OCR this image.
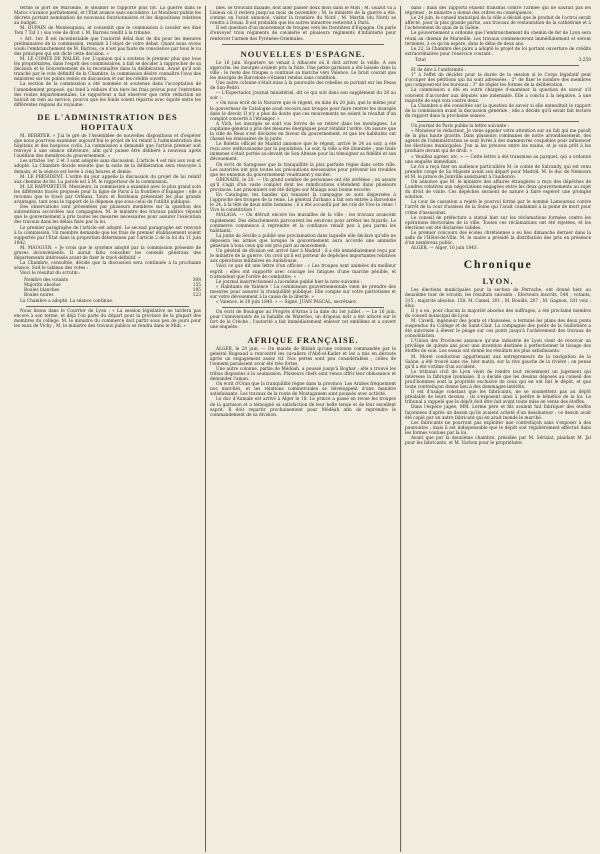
ferme le port de Marseille, le steamer le rapporte plus tôt. La guerre dans le Maroc s'avance parfaitement, et l'Etat avance sans encombre. Le Moniteur publie les décrets portant nomination de nouveaux fonctionnaires et les dispositions relatives au budget.

M. DUPAIN de Montesquiou, et consentit que le commission à cavaler ses dixé Tom 7 Taf 1 ( sus vole de droit ). M. Barrois rendit à la tribune.

« Art. 1er. Il est incontestable que l'autorité délai faut de dix pour les mesures préliminaires de la commission, rendant à l'objet de votre débat. Quant nous avons voulu l'embranchement de M. Barrois, ce n'est pas faute de conscience par tous le vu des principes qui ont dicté cette décision. »

M. LE COMTE DE WALSH. 1er. L'opinion qui a soutenu le premier plus que tous lés propriétaires, dans l'esprit des commissaires, a fait se décider à rapprocher de sa décision et le Gouvernement de la reconnaître dans la délibération. Avant qu'il soit tranché par le vote définitif de la Chambre, la commission désire connaître l'avis des ministres sur les points restés en discussion et sur les crédits ouverts.

La section de la commission a été nommée et soutenue dans l'acceptation de l'amendement proposé, qui tend à réduire d'un tiers les frais prévus pour l'entretien des routes départementales. Le rapporteur a fait observer que cette réduction ne nuirait en rien au service, pourvu que les fonds soient répartis avec équité entre les différentes régions du royaume.

DE L'ADMINISTRATION DES HOPITAUX

M. BERRYER. « J'ai le gré de l'Assemblée de nouvelles dispositions et d'espérer que nous pourrons examiner aujourd'hui le projet de loi relatif à l'administration des hôpitaux et des hospices civils. La commission a demandé que l'article premier soit renvoyé à une séance ultérieure, afin qu'il puisse être délibéré à nouveau après l'audition des membres du gouvernement. »

Les articles 1er, 2 et 3 sont adoptés sans discussion. L'article 4 est mis aux voix et adopté. La Chambre décide ensuite que la suite de la délibération sera renvoyée à demain, et la séance est levée à cinq heures et demie.

M. LE PRÉSIDENT. L'ordre du jour appelle la discussion du projet de loi relatif aux chemins de fer. La parole est à M. le rapporteur de la commission.

M. LE RAPPORTEUR. Messieurs, la commission a examiné avec le plus grand soin les différents tracés proposés pour la ligne de Paris à la frontière d'Espagne ; elle a reconnu que le tracé par Orléans, Tours et Bordeaux présentait les plus grands avantages, tant sous le rapport de la dépense que sous celui de l'utilité publique.

Des observations sont présentées par plusieurs membres sur la question des subventions accordées aux compagnies. M. le ministre des travaux publics répond que le gouvernement a pris toutes les mesures nécessaires pour assurer l'exécution des travaux dans les délais fixés par la loi.

Le premier paragraphe de l'article est adopté. Le second paragraphe est renvoyé à la commission. Un membre demande que les frais de premier établissement soient supportés par l'Etat dans la proportion déterminée par l'article 2 de la loi du 11 juin 1842.

M. MAUGUIN. « Je crois que le système adopté par la commission présente de graves inconvénients. Il aurait fallu consulter les conseils généraux des départements intéressés avant de fixer le tracé définitif. »

La Chambre, consultée, décide que la discussion sera continuée à la prochaine séance. Suit le tableau des votes :

Voici le résultat du scrutin :

Nombre des votants	308
Majorité absolue	155
Boules blanches	185
Boules noires	123

La Chambre a adopté. La séance continue.

Nous lisons dans le Courrier de Lyon : « La session législative ne tardera pas encore à son terme, et déjà l'on parle du départ pour la province de la plupart des membres du collège. M. le ministre du commerce doit partir sous peu de jours pour les eaux de Vichy ; M. le ministre des travaux publics se rendra dans le Midi. »

bles, se trouvant malade, doit aller passer deux mois dans le Midi ; M. Guizot va à Lisieux où il restera jusqu'au mois de novembre ; M. le ministre de la guerre a été, comme on l'avait annoncé, visiter la frontière du Nord ; M. Martin (du Nord) se rendra à Douai. Il est probable que les autres ministres resteront à Paris.

Il est question d'un mouvement de troupes vers les frontières d'Espagne. On parle d'envoyer trois régiments de cavalerie et plusieurs régiments d'infanterie pour renforcer l'armée des Pyrénées-Orientales.

NOUVELLES D'ESPAGNE.

Le 16 juin. Espartero ne venait à Albacete où il doit arriver la veille. A son approche, les insurgés avaient pris la fuite. Une petite garnison a été laissée dans la ville ; le reste des troupes a continué sa marche vers Valence. Le bruit courait que les insurgés de Barcelone s'étaient rendus sans condition.

Une autre colonne s'était mise à la poursuite des rebelles se portant sur les Pesas de San-Pedro.

— L'Espectador, journal ministériel, dit ce qui suit dans son supplément du 28 au soir :

« On nous écrit de la Navarre que le régent, en date du 20 juin, que le même jour le gouverneur de Catalogne avait recours aux troupes pour faire rentrer les insurgés dans le devoir. Il n'y a plus de doute que ces mouvements ne soient le résultat d'un complot concerté à l'étranger. »

A Vich, les insurgés se sont vus forcés de se retirer dans les montagnes. Le capitaine-général a pris des mesures énergiques pour rétablir l'ordre. On assure que la ville de Reus s'est déclarée en faveur du gouvernement, et que les habitants ont chassé les émissaires de la junte.

Le Boletin officiel de Madrid annonce que le régent, arrivé le 24 au soir, a été reçu avec enthousiasme par la population. Le soir, la ville a été illuminée ; une foule immense s'était portée au-devant de Son Altesse pour lui témoigner sa fidélité et son dévouement.

On écrit de Saragosse que la tranquillité la plus parfaite règne dans cette ville. Les autorités ont pris toutes les précautions nécessaires pour prévenir les troubles que les ennemis du gouvernement voudraient y exciter.

GRENADE, le 20. — Un grand nombre de personnes ont été arrêtées ; on assure qu'il s'agit d'un vaste complot dont les ramifications s'étendent dans plusieurs provinces. Les prisonniers ont été dirigés sur Malaga sous bonne escorte.

En Catalogne, les bandes qui tenaient la campagne se sont dispersées à l'approche des troupes de la reine. Le général Zurbano a fait son entrée à Barcelone le 24, à la tête de deux mille hommes ; il a été accueilli par les cris de Vive la reine ! Vive la constitution !

MALAGA. — On détruit encore les murailles de la ville ; les travaux avancent rapidement. Des détachements parcourent les environs pour arrêter les fuyards. Le commerce commence à reprendre et la confiance renaît peu à peu parmi les habitants.

La junte de Séville a publié une proclamation dans laquelle elle déclare qu'elle ne déposera les armes que lorsque le gouvernement aura accordé une amnistie générale à tous ceux qui ont pris part au mouvement.

Un général de division est arrivé hier à Madrid ; il a été immédiatement reçu par le ministre de la guerre. On croit qu'il est porteur de dépêches importantes relatives aux opérations militaires en Andalousie.

Voici ce que dit une lettre d'un officier : « Les troupes sont animées du meilleur esprit ; elles ont supporté avec courage les fatigues d'une marche pénible, et n'attendent que l'ordre de combattre. »

Le journal insurrectionnel a lui-même publié hier la note suivante :

« Habitants de Valence ! La commission gouvernementale vient de prendre des mesures pour assurer la tranquillité publique. Elle compte sur votre patriotisme et sur votre dévouement à la cause de la liberté. »

« Valence, le 20 juin 1843. » — Signé, JUAN PASCAL, secrétaire.

On écrit de Boulogne au Progrès d'Arras à la date du 1er juillet : — Le 16 juin, pour l'anniversaire de la bataille de Waterloo, un drapeau noir a été arboré sur le fort de la Crèche ; l'autorité a fait immédiatement enlever cet emblème et a ouvert une enquête.

AFRIQUE FRANÇAISE.

ALGER, le 20 juin. — On mande de Blidah qu'une colonne commandée par le général Bugeaud a rencontré les cavaliers d'Abd-el-Kader et les a mis en déroute après un engagement assez vif. Nos pertes sont peu considérables ; celles de l'ennemi paraissent avoir été très fortes.

Une autre colonne, partie de Médéah, a poussé jusqu'à Boghar ; elle a trouvé les tribus disposées à la soumission. Plusieurs chefs sont venus offrir leur obéissance et demander l'aman.

On écrit d'Oran que la tranquillité règne dans la province. Les Arabes fréquentent nos marchés, et les relations commerciales se développent d'une manière satisfaisante. Les travaux de la route de Mostaganem sont poussés avec activité.

Le duc d'Aumale est arrivé à Alger le 18. Le prince a passé en revue les troupes de la garnison et a témoigné sa satisfaction de leur belle tenue et de leur excellent esprit. Il doit repartir prochainement pour Médéah afin de reprendre le commandement de sa division.

dans ; mais des rapports etaient transmis contre l'armée qui ne saurait pas les réprimer ; le ministre a donné des ordres en conséquence.

Le 24 juin, le conseil municipal de la ville a décidé que le produit de l'octroi serait affecté, pour la plus grande partie, aux travaux de restauration de la cathédrale et à l'achèvement du quai de la Saône.

Le gouvernement a ordonné que l'embranchement du chemin de fer de Lyon sera réuni au chemin de Marseille. Les travaux commenceront immédiatement et seront terminés, à ce qu'on espère, dans le délai de deux ans.

Le 22, la Chambre des pairs a adopté le projet de loi portant ouverture de crédits extraordinaires pour l'exercice courant :

Total	3,259

Et de dire à l'uniformité :

1° à l'effet de décider pour la durée de la session si le Corps législatif peut s'occuper des pétitions qui lui sont adressées ; 2° de fixer le nombre des membres qui composeront les bureaux ; 3° de régler les formes de la délibération.

La commission a été en outre chargée d'examiner la question de savoir s'il convient d'accorder aux députés une indemnité. Elle a conclu à la négative, à une majorité de sept voix contre deux.

La Chambre a été consultée sur la question de savoir si elle entendrait le rapport de la commission avant la discussion générale ; elle a décidé qu'il serait fait lecture du rapport dans la prochaine séance.

Un journal de Paris publie la lettre suivante :

« Monsieur le rédacteur, Je viens appeler votre attention sur un fait qui me paraît de la plus haute gravité. Dans plusieurs communes de notre arrondissement, des agents de l'administration se sont livrés à des manœuvres coupables pour influencer les élections municipales. J'en ai les preuves entre les mains, et je suis prêt à les produire devant qui de droit. »

« Veuillez agréer, etc. » — Cette lettre a été transmise au parquet, qui a ordonné une enquête immédiate.

Le roi a reçu hier en audience particulière M. le comte de Salvandy, qui est venu prendre congé de Sa Majesté avant son départ pour Madrid. M. le duc de Nemours et M. le prince de Joinville assistaient à l'audience.

On annonce que M. le ministre des affaires étrangères a reçu des dépêches de Londres relatives aux négociations engagées entre les deux gouvernements au sujet du droit de visite. Ces dépêches seraient de nature à faire espérer une prompte solution.

La cour de cassation a rejeté le pourvoi formé par le nommé Lamoureux contre l'arrêt de la cour d'assises de la Seine qui l'avait condamné à la peine de mort pour crime d'assassinat.

Le conseil de préfecture a statué hier sur les réclamations formées contre les opérations électorales de la ville. Toutes ces réclamations ont été rejetées, et les élections ont été déclarées valides.

Le premier concours des écoles chrétiennes a eu lieu dimanche dernier dans la salle de l'Hôtel-de-Ville. M. le maire a présidé la distribution des prix en présence d'un nombreux public.

ALGER. — Alger, 16 juin 1843.

Chronique
LYON.

Les élections municipales pour la section de Perrache, ont donné hier, au deuxième tour de scrutin, les résultats suivants : Electeurs inscrits, 548 ; votants, 315 ; majorité absolue, 158. M. Camel, 201 ; M. Bouillé, 207 ; M. Gagnon, 181 voix ; élus.

Il y a eu, pour chacun la majorité absolue des suffrages, a été proclamé membre du conseil municipal de Lyon.

M. Cavelli, ingénieur des ponts et chaussées, a terminé les plans des deux ponts suspendus du Collège et de Saint-Clair. La compagnie des ponts de la Guillotière a été autorisée à élever le péage sur ces ponts jusqu'à l'achèvement des travaux de consolidation.

L'Union des Provinces annonce qu'une industrie de Lyon vient de recevoir un privilège de quinze ans pour une invention destinée à perfectionner le tissage des étoffes de soie. Les essais ont donné les résultats les plus satisfaisants.

M. Morel conducteur appartenant aux entrepreneurs de la navigation de la Saône, a été trouvé sans vie, hier matin, sur la rive gauche de la rivière ; on pense qu'il a été victime d'un accident.

Le tribunal civil de Lyon vient de rendre tout récemment un jugement qui intéresse la fabrique lyonnaise. Il a décidé que les dessins déposés au conseil des prud'hommes sont la propriété exclusive de ceux qui en ont fait le dépôt, et que toute contrefaçon donne lieu à des dommages-intérêts.

Il est d'usage constant que les fabricants, ne se soumettent pas au dépôt préalable de leurs dessins ; ils s'exposent ainsi à perdre le bénéfice de la loi. Le tribunal a rappelé que le dépôt doit être fait avant toute mise en vente des étoffes.

Dans l'espèce jugée, MM. Lerme père et fils avaient fait fabriquer des étoffes façonnées d'après un dessin qu'ils avaient acheté d'un dessinateur ; ce dessin avait été copié par un autre fabricant qui en avait inondé le marché.

Les fabricants ne pourront pas exploiter une contrefaçon sans s'exposer à des poursuites ; mais il est indispensable que le dépôt soit régulièrement effectué dans les formes voulues par la loi.

Avant que par la deuxième chambre, présidée par M. Sériziat, plaidant M. Jal pour les fabricants, et M. Vachon pour le propriétaire.
